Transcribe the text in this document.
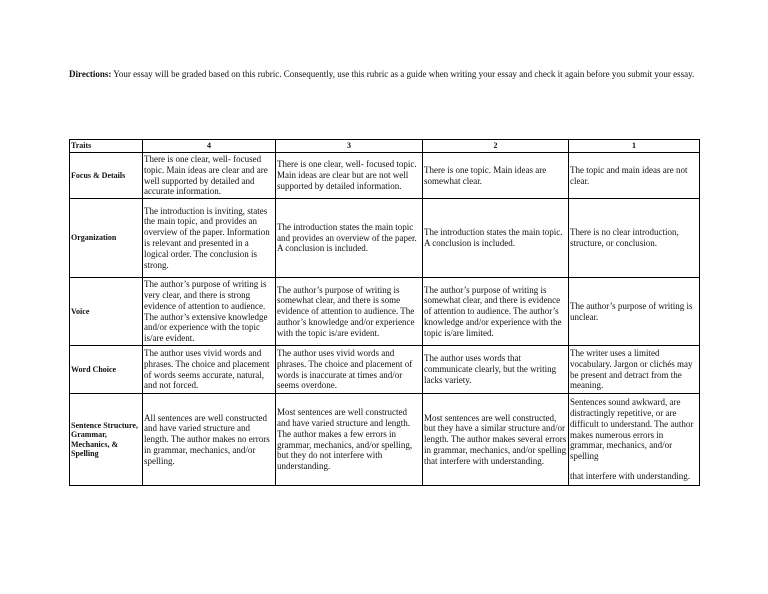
Directions: Your essay will be graded based on this rubric. Consequently, use this rubric as a guide when writing your essay and check it again before you submit your essay.
Traits	4	3	2	1
Focus & Details	There is one clear, well- focused topic. Main ideas are clear and are well supported by detailed and accurate information.	There is one clear, well- focused topic. Main ideas are clear but are not well supported by detailed information.	There is one topic. Main ideas are somewhat clear.	The topic and main ideas are not clear.
Organization	The introduction is inviting, states the main topic, and provides an overview of the paper. Information is relevant and presented in a logical order. The conclusion is strong.	The introduction states the main topic and provides an overview of the paper. A conclusion is included.	The introduction states the main topic. A conclusion is included.	There is no clear introduction, structure, or conclusion.
Voice	The author’s purpose of writing is very clear, and there is strong evidence of attention to audience. The author’s extensive knowledge and/or experience with the topic is/are evident.	The author’s purpose of writing is somewhat clear, and there is some evidence of attention to audience. The author’s knowledge and/or experience with the topic is/are evident.	The author’s purpose of writing is somewhat clear, and there is evidence of attention to audience. The author’s knowledge and/or experience with the topic is/are limited.	The author’s purpose of writing is unclear.
Word Choice	The author uses vivid words and phrases. The choice and placement of words seems accurate, natural, and not forced.	The author uses vivid words and phrases. The choice and placement of words is inaccurate at times and/or seems overdone.	The author uses words that communicate clearly, but the writing lacks variety.	The writer uses a limited vocabulary. Jargon or clichés may be present and detract from the meaning.
Sentence Structure, Grammar, Mechanics, & Spelling	All sentences are well constructed and have varied structure and length. The author makes no errors in grammar, mechanics, and/or spelling.	Most sentences are well constructed and have varied structure and length. The author makes a few errors in grammar, mechanics, and/or spelling, but they do not interfere with understanding.	Most sentences are well constructed, but they have a similar structure and/or length. The author makes several errors in grammar, mechanics, and/or spelling that interfere with understanding.	Sentences sound awkward, are distractingly repetitive, or are difficult to understand. The author makes numerous errors in grammar, mechanics, and/or spelling
that interfere with understanding.
